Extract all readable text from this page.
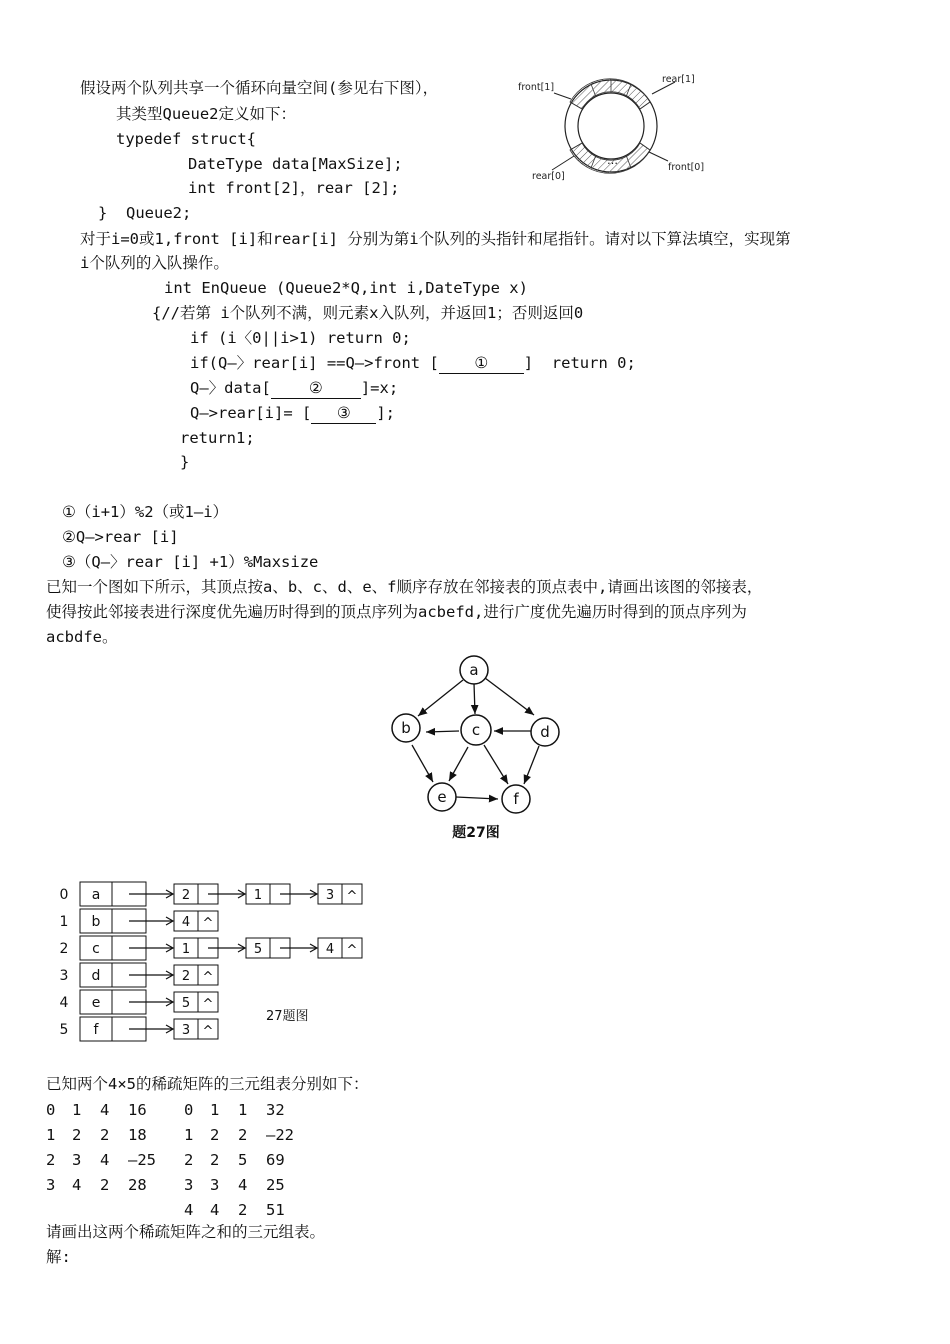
假设两个队列共享一个循环向量空间(参见右下图），
其类型Queue2定义如下：
typedef struct{
DateType data[MaxSize];
int front[2]，rear [2];
}  Queue2;
对于i=0或1,front [i]和rear[i] 分别为第i个队列的头指针和尾指针。请对以下算法填空，实现第
i个队列的入队操作。
int EnQueue (Queue2*Q,int i,DateType x)
{//若第 i个队列不满，则元素x入队列，并返回1；否则返回0
if (i〈0||i>1) return 0;
if(Q—〉rear[i] ==Q—>front [ ① ]  return 0;
Q—〉data[ ② ]=x;
Q—>rear[i]= [ ③ ];
return1;
}
①（i+1）%2（或1—i）
②Q—>rear [i]
③（Q—〉rear [i] +1）%Maxsize
…
front[1]
rear[1]
rear[0]
front[0]
已知一个图如下所示，其顶点按a、b、c、d、e、f顺序存放在邻接表的顶点表中,请画出该图的邻接表，
使得按此邻接表进行深度优先遍历时得到的顶点序列为acbefd,进行广度优先遍历时得到的顶点序列为
acbdfe。
a
b	c	d
e	f
题27图
0 a	2	1	3 ^
1 b	4 ^
2 c	1	5	4 ^
3 d	2 ^
4 e	5 ^
5 f	3 ^
27题图
已知两个4×5的稀疏矩阵的三元组表分别如下：
0 1 4 16
1 2 2 18
2 3 4 —25
3 4 2 28
0 1 1 32
1 2 2 —22
2 2 5 69
3 3 4 25
4 4 2 51
请画出这两个稀疏矩阵之和的三元组表。
解:
